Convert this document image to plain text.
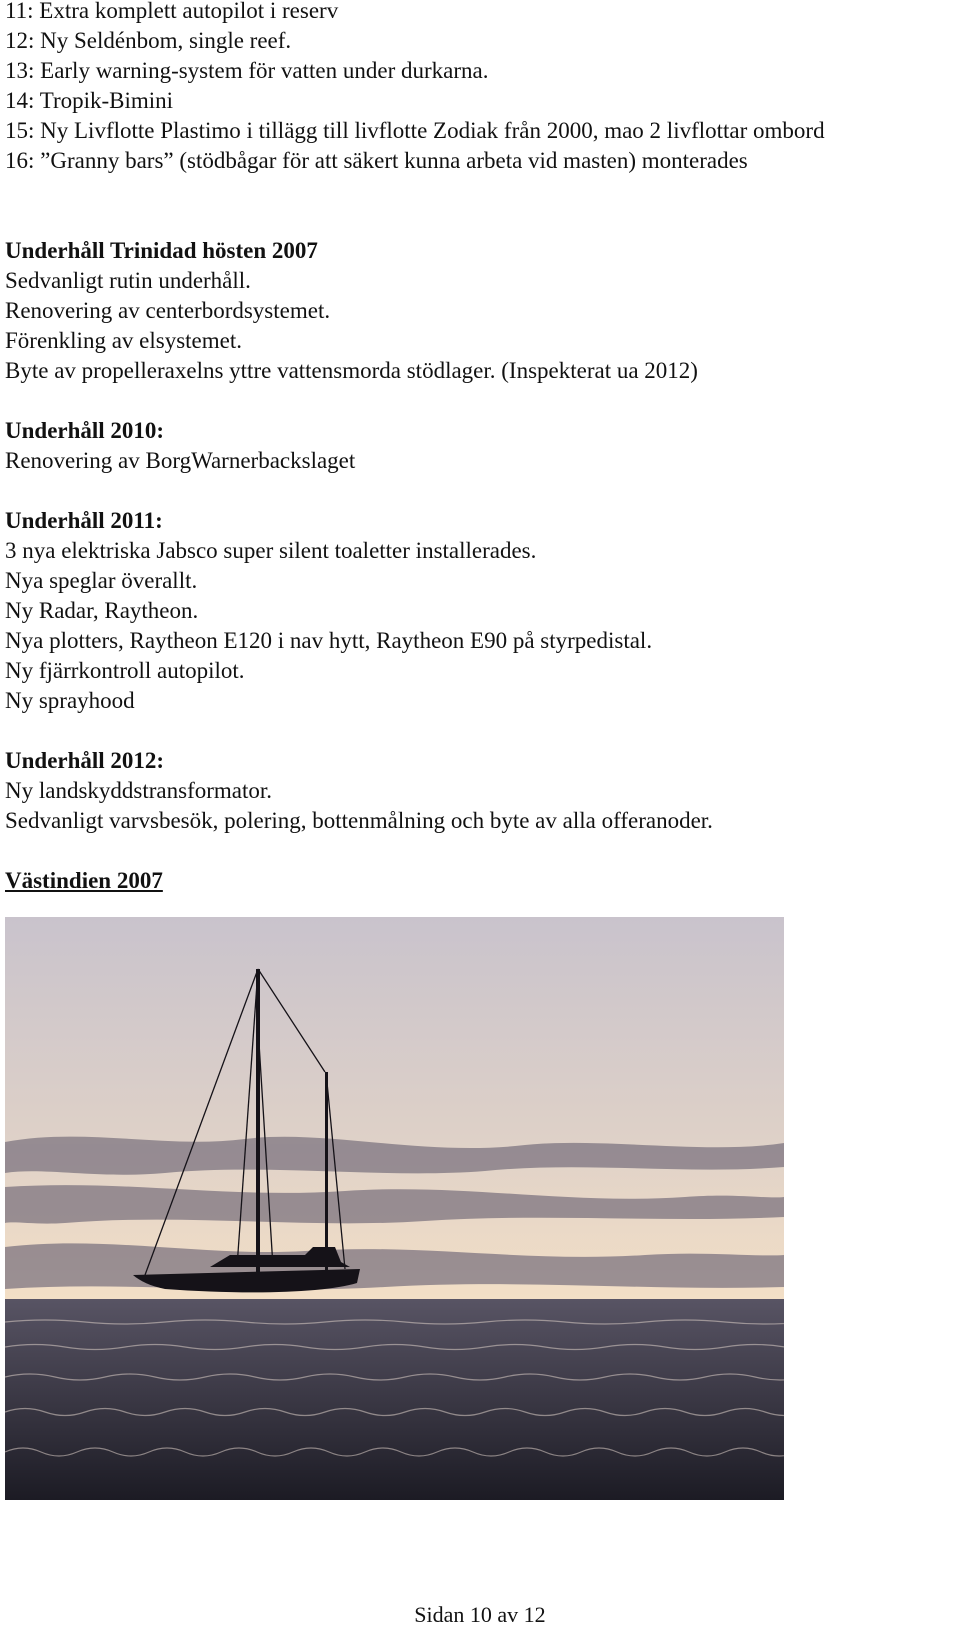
11: Extra komplett autopilot i reserv
12: Ny Seldénbom, single reef.
13: Early warning-system för vatten under durkarna.
14: Tropik-Bimini
15: Ny Livflotte Plastimo i tillägg till livflotte Zodiak från 2000, mao 2 livflottar ombord
16: ”Granny bars” (stödbågar för att säkert kunna arbeta vid masten) monterades
Underhåll Trinidad hösten 2007
Sedvanligt rutin underhåll.
Renovering av centerbordsystemet.
Förenkling av elsystemet.
Byte av propelleraxelns yttre vattensmorda stödlager. (Inspekterat ua 2012)
Underhåll 2010:
Renovering av BorgWarnerbackslaget
Underhåll 2011:
3 nya elektriska Jabsco super silent toaletter installerades.
Nya speglar överallt.
Ny Radar, Raytheon.
Nya plotters, Raytheon E120 i nav hytt, Raytheon E90 på styrpedistal.
Ny fjärrkontroll autopilot.
Ny sprayhood
Underhåll 2012:
Ny landskyddstransformator.
Sedvanligt varvsbesök, polering, bottenmålning och byte av alla offeranoder.
Västindien 2007
Sidan 10 av 12
